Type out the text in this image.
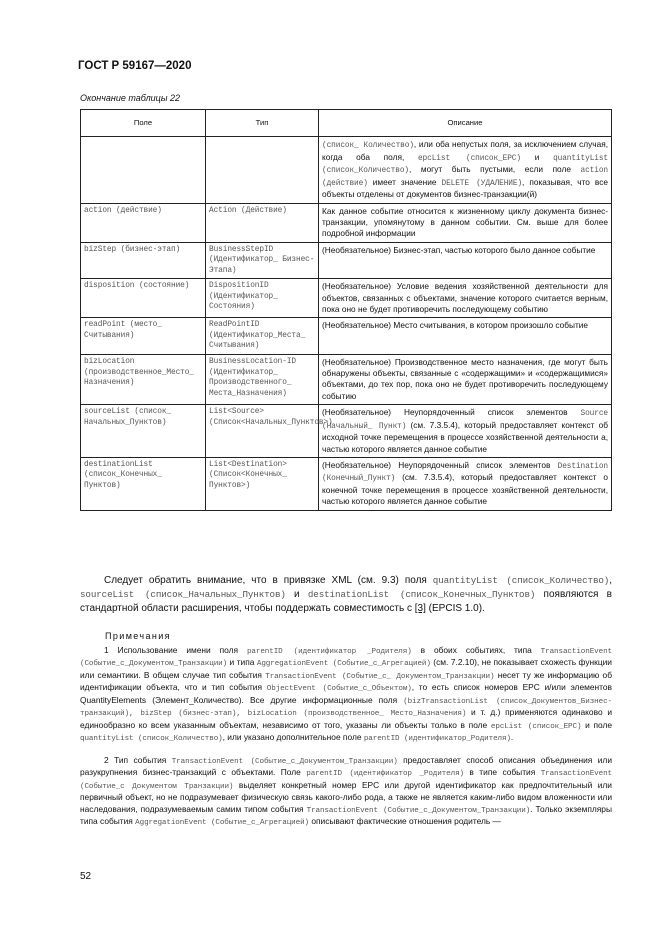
ГОСТ Р 59167—2020
Окончание таблицы 22
Поле	Тип	Описание
		(список_ Количество), или оба непустых поля, за исключением случая, когда оба поля, epcList (список_EPC) и quantityList (список_Количество), могут быть пустыми, если поле action (действие) имеет значение DELETE (УДАЛЕНИЕ), показывая, что все объекты отделены от документов бизнес-транзакции(й)
action (действие)	Action (Действие)	Как данное событие относится к жизненному циклу документа бизнес-транзакции, упомянутому в данном событии. См. выше для более подробной информации
bizStep (бизнес-этап)	BusinessStepID (Идентификатор_ Бизнес-Этапа)	(Необязательное) Бизнес-этап, частью которого было данное событие
disposition (состояние)	DispositionID (Идентификатор_ Состояния)	(Необязательное) Условие ведения хозяйственной деятельности для объектов, связанных с объектами, значение которого считается верным, пока оно не будет противоречить последующему событию
readPoint (место_ Считывания)	ReadPointID (Идентификатор_Места_ Считывания)	(Необязательное) Место считывания, в котором произошло событие
bizLocation (производственное_Место_ Назначения)	BusinessLocation-ID (Идентификатор_ Производственного_ Места_Назначения)	(Необязательное) Производственное место назначения, где могут быть обнаружены объекты, связанные с «содержащими» и «содержащимися» объектами, до тех пор, пока оно не будет противоречить последующему событию
sourceList (список_ Начальных_Пунктов)	List<Source> (Список<Начальных_Пунктов>)	(Необязательное) Неупорядоченный список элементов Source (Начальный_ Пункт) (см. 7.3.5.4), который предоставляет контекст об исходной точке перемещения в процессе хозяйственной деятельности а, частью которого является данное событие
destinationList (список_Конечных_ Пунктов)	List<Destination> (Список<Конечных_ Пунктов>)	(Необязательное) Неупорядоченный список элементов Destination (Конечный_Пункт) (см. 7.3.5.4), который предоставляет контекст о конечной точке перемещения в процессе хозяйственной деятельности, частью которого является данное событие
Следует обратить внимание, что в привязке XML (см. 9.3) поля quantityList (список_Количество), sourceList (список_Начальных_Пунктов) и destinationList (список_Конечных_Пунктов) появляются в стандартной области расширения, чтобы поддержать совместимость с [3] (EPCIS 1.0).
Примечания
1 Использование имени поля parentID (идентификатор _Родителя) в обоих событиях, типа TransactionEvent (Событие_с_Документом_Транзакции) и типа AggregationEvent (Событие_с_Агрегацией) (см. 7.2.10), не показывает схожесть функции или семантики. В общем случае тип события TransactionEvent (Событие_с_ Документом_Транзакции) несет ту же информацию об идентификации объекта, что и тип события ObjectEvent (Событие_с_Объектом), то есть список номеров EPC и/или элементов QuantityElements (Элемент_Количество). Все другие информационные поля (bizTransactionList (список_Документов_Бизнес-транзакций), bizStep (бизнес-этап), bizLocation (производственное_ Место_Назначения) и т. д.) применяются одинаково и единообразно ко всем указанным объектам, независимо от того, указаны ли объекты только в поле epcList (список_EPC) и поле quantityList (список_Количество), или указано дополнительное поле parentID (идентификатор_Родителя).
2 Тип события TransactionEvent (Событие_с_Документом_Транзакции) предоставляет способ описания объединения или разукрупнения бизнес-транзакций с объектами. Поле parentID (идентификатор _Родителя) в типе события TransactionEvent (Событие_с Документом Транзакции) выделяет конкретный номер EPC или другой идентификатор как предпочтительный или первичный объект, но не подразумевает физическую связь какого-либо рода, а также не является каким-либо видом вложенности или наследования, подразумеваемым самим типом события TransactionEvent (Событие_с_Документом_Транзакции). Только экземпляры типа события AggregationEvent (Событие_с_Агрегацией) описывают фактические отношения родитель —
52
